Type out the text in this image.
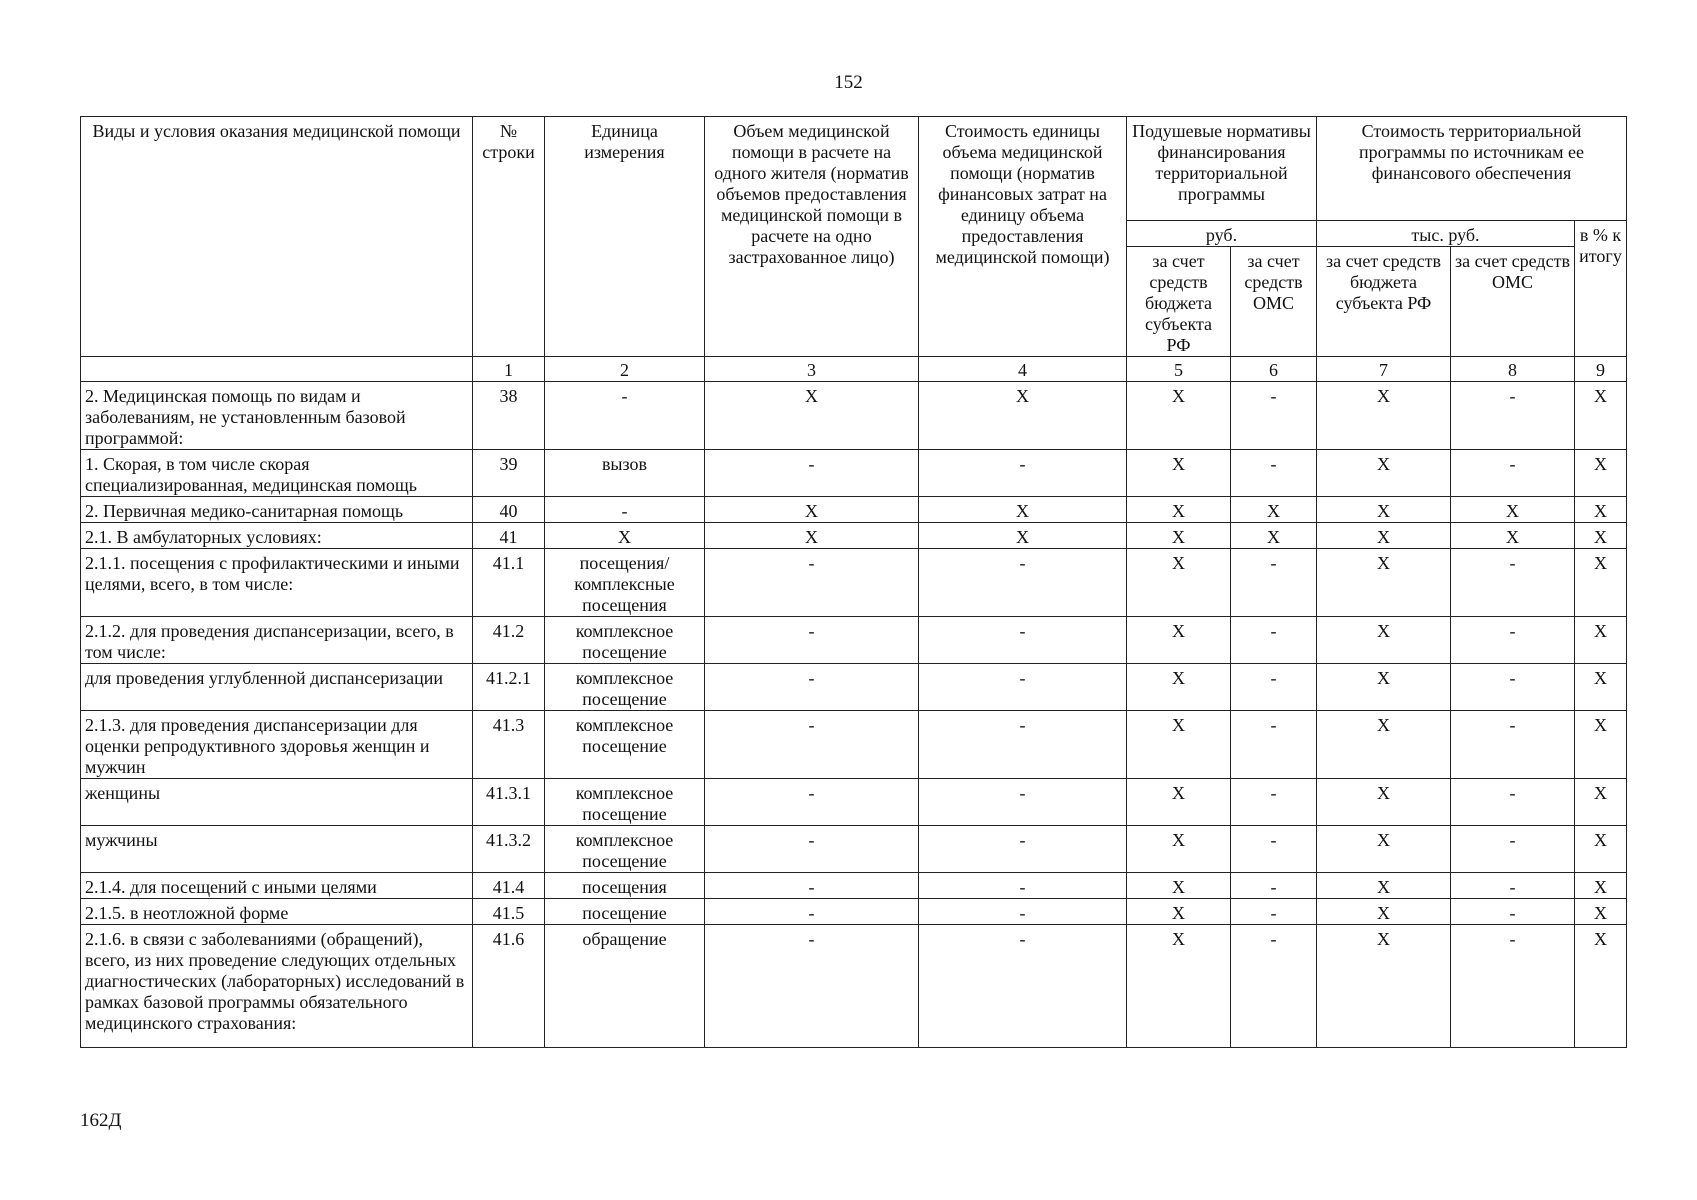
152
Виды и условия оказания медицинской помощи	№ строки	Единица измерения	Объем медицинской помощи в расчете на одного жителя (норматив объемов предоставления медицинской помощи в расчете на одно застрахованное лицо)	Стоимость единицы объема медицинской помощи (норматив финансовых затрат на единицу объема предоставления медицинской помощи)	Подушевые нормативы финансирования территориальной программы		Стоимость территориальной программы по источникам ее финансового обеспечения		
					руб.		тыс. руб.		в % к итогу
					за счет средств бюджета субъекта РФ	за счет средств ОМС	за счет средств бюджета субъекта РФ	за счет средств ОМС	
	1	2	3	4	5	6	7	8	9
2. Медицинская помощь по видам и заболеваниям, не установленным базовой программой:	38	-	X	X	X	-	X	-	X
1. Скорая, в том числе скорая специализированная, медицинская помощь	39	вызов	-	-	X	-	X	-	X
2. Первичная медико-санитарная помощь	40	-	X	X	X	X	X	X	X
2.1. В амбулаторных условиях:	41	X	X	X	X	X	X	X	X
2.1.1. посещения с профилактическими и иными целями, всего, в том числе:	41.1	посещения/ комплексные посещения	-	-	X	-	X	-	X
2.1.2. для проведения диспансеризации, всего, в том числе:	41.2	комплексное посещение	-	-	X	-	X	-	X
для проведения углубленной диспансеризации	41.2.1	комплексное посещение	-	-	X	-	X	-	X
2.1.3. для проведения диспансеризации для оценки репродуктивного здоровья женщин и мужчин	41.3	комплексное посещение	-	-	X	-	X	-	X
женщины	41.3.1	комплексное посещение	-	-	X	-	X	-	X
мужчины	41.3.2	комплексное посещение	-	-	X	-	X	-	X
2.1.4. для посещений с иными целями	41.4	посещения	-	-	X	-	X	-	X
2.1.5. в неотложной форме	41.5	посещение	-	-	X	-	X	-	X
2.1.6. в связи с заболеваниями (обращений), всего, из них проведение следующих отдельных диагностических (лабораторных) исследований в рамках базовой программы обязательного медицинского страхования:	41.6	обращение	-	-	X	-	X	-	X
162Д
